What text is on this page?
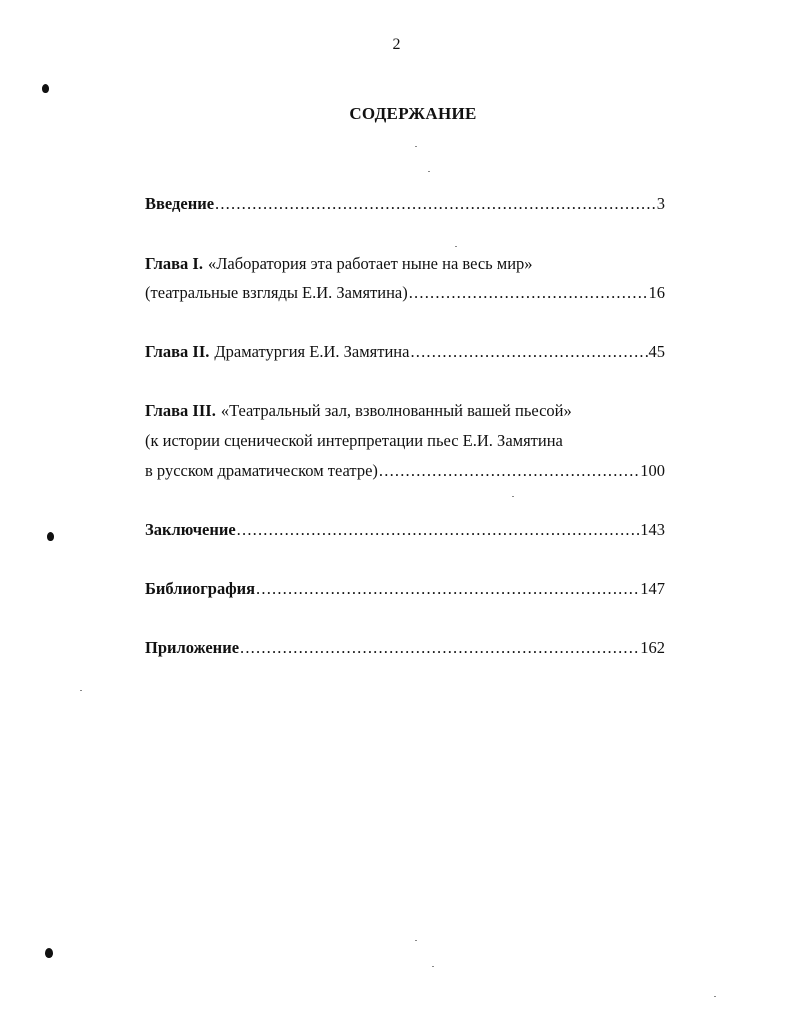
2
СОДЕРЖАНИЕ
Введение .....	3
Глава I. «Лаборатория эта работает ныне на весь мир»
(театральные взгляды Е.И. Замятина) .....	16
Глава II. Драматургия Е.И. Замятина .....	45
Глава III. «Театральный зал, взволнованный вашей пьесой»
(к истории сценической интерпретации пьес Е.И. Замятина
в русском драматическом театре) .....	100
Заключение .....	143
Библиография .....	147
Приложение .....	162
